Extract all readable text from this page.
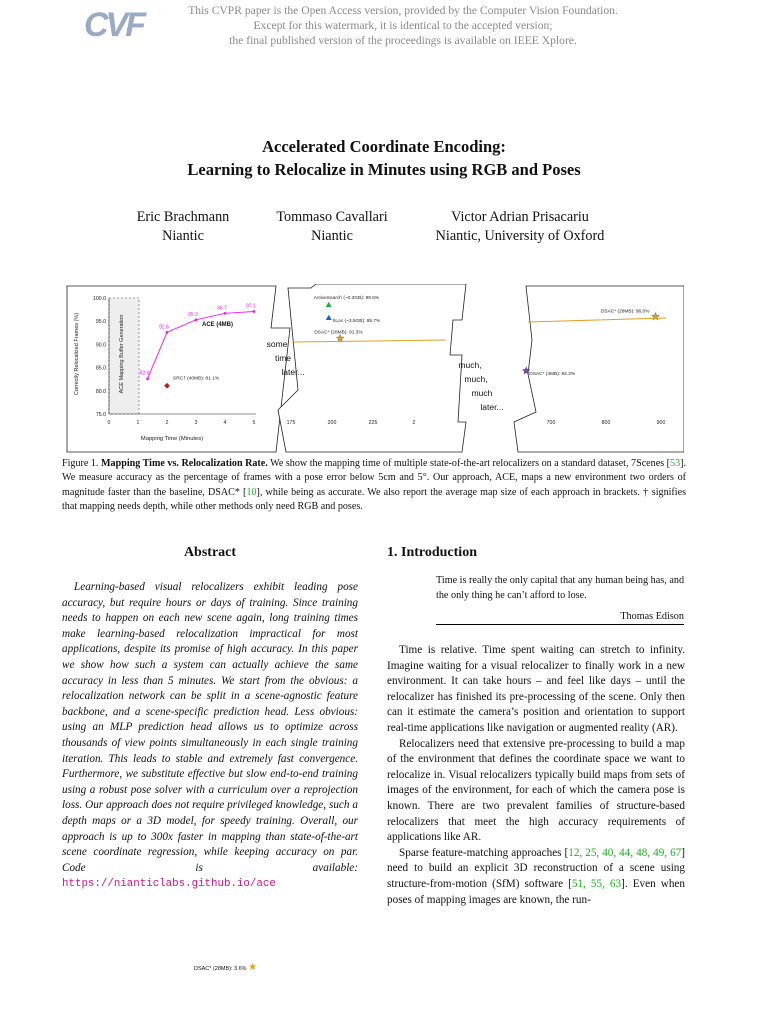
CVF	This CVPR paper is the Open Access version, provided by the Computer Vision Foundation.
Except for this watermark, it is identical to the accepted version;
the final published version of the proceedings is available on IEEE Xplore.
Accelerated Coordinate Encoding:
Learning to Relocalize in Minutes using RGB and Poses
Eric Brachmann
Niantic
Tommaso Cavallari
Niantic
Victor Adrian Prisacariu
Niantic, University of Oxford
ACE Mapping Buffer Generation
Correctly Relocalized Frames (%)
Mapping Time (Minutes)
100.0
95.0
90.0
85.0
80.0
75.0
0	1	2	3	4	5	175	200	225	2	700	800	900
82.6
92.6
95.3
96.7	97.1
ACE (4MB)
SRC† (40MB): 81.1%
ActiveSearch (~0.3GB): 98.5%
hLoc (~3.5GB): 95.7%
DSAC* (28MB): 91.3%
DSAC* (4MB): 84.3%
DSAC* (28MB): 96.0%
some
time
later...
much,
much,
much
later...
Figure 1. Mapping Time vs. Relocalization Rate. We show the mapping time of multiple state-of-the-art relocalizers on a standard dataset, 7Scenes [53]. We measure accuracy as the percentage of frames with a pose error below 5cm and 5°. Our approach, ACE, maps a new environment two orders of magnitude faster than the baseline, DSAC* [10], while being as accurate. We also report the average map size of each approach in brackets. † signifies that mapping needs depth, while other methods only need RGB and poses.
Abstract
Learning-based visual relocalizers exhibit leading pose accuracy, but require hours or days of training. Since training needs to happen on each new scene again, long training times make learning-based relocalization impractical for most applications, despite its promise of high accuracy. In this paper we show how such a system can actually achieve the same accuracy in less than 5 minutes. We start from the obvious: a relocalization network can be split in a scene-agnostic feature backbone, and a scene-specific prediction head. Less obvious: using an MLP prediction head allows us to optimize across thousands of view points simultaneously in each single training iteration. This leads to stable and extremely fast convergence. Furthermore, we substitute effective but slow end-to-end training using a robust pose solver with a curriculum over a reprojection loss. Our approach does not require privileged knowledge, such a depth maps or a 3D model, for speedy training. Overall, our approach is up to 300x faster in mapping than state-of-the-art scene coordinate regression, while keeping accuracy on par. Code is available: https://nianticlabs.github.io/ace
1. Introduction
Time is really the only capital that any human being has, and the only thing he can’t afford to lose.
Thomas Edison

Time is relative. Time spent waiting can stretch to infinity. Imagine waiting for a visual relocalizer to finally work in a new environment. It can take hours – and feel like days – until the relocalizer has finished its pre-processing of the scene. Only then can it estimate the camera’s position and orientation to support real-time applications like navigation or augmented reality (AR).

Relocalizers need that extensive pre-processing to build a map of the environment that defines the coordinate space we want to relocalize in. Visual relocalizers typically build maps from sets of images of the environment, for each of which the camera pose is known. There are two prevalent families of structure-based relocalizers that meet the high accuracy requirements of applications like AR.

Sparse feature-matching approaches [12, 25, 40, 44, 48, 49, 67] need to build an explicit 3D reconstruction of a scene using structure-from-motion (SfM) software [51, 55, 63]. Even when poses of mapping images are known, the run-

DSAC* (28MB): 3.6% ★
